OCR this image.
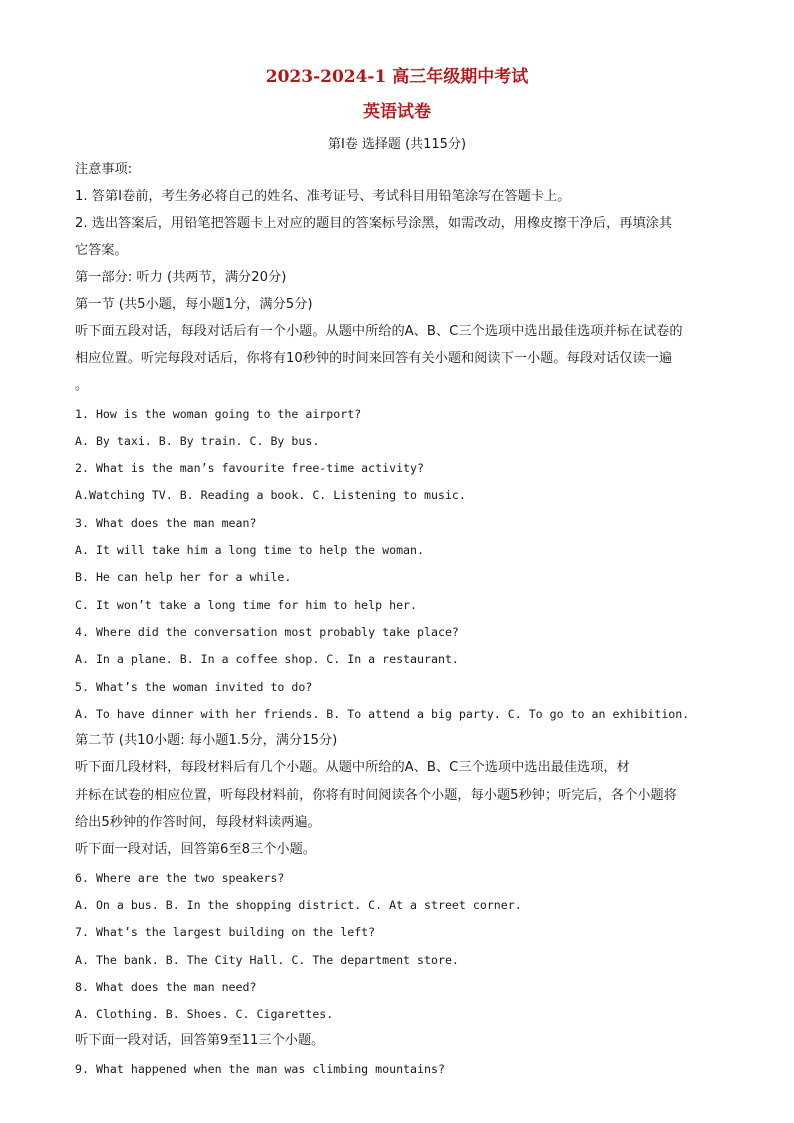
2023-2024-1 高三年级期中考试
英语试卷
第Ⅰ卷 选择题 (共115分)
注意事项:
1. 答第Ⅰ卷前，考生务必将自己的姓名、准考证号、考试科目用铅笔涂写在答题卡上。
2. 选出答案后，用铅笔把答题卡上对应的题目的答案标号涂黑，如需改动，用橡皮擦干净后，再填涂其
它答案。
第一部分: 听力 (共两节，满分20分)
第一节 (共5小题，每小题1分，满分5分)
听下面五段对话，每段对话后有一个小题。从题中所给的A、B、C三个选项中选出最佳选项并标在试卷的
相应位置。听完每段对话后，你将有10秒钟的时间来回答有关小题和阅读下一小题。每段对话仅读一遍
。
1. How is the woman going to the airport?
A. By taxi. B. By train. C. By bus.
2. What is the man’s favourite free-time activity?
A.Watching TV. B. Reading a book. C. Listening to music.
3. What does the man mean?
A. It will take him a long time to help the woman.
B. He can help her for a while.
C. It won’t take a long time for him to help her.
4. Where did the conversation most probably take place?
A. In a plane. B. In a coffee shop. C. In a restaurant.
5. What’s the woman invited to do?
A. To have dinner with her friends. B. To attend a big party. C. To go to an exhibition.
第二节 (共10小题: 每小题1.5分，满分15分)
听下面几段材料，每段材料后有几个小题。从题中所给的A、B、C三个选项中选出最佳选项，材
并标在试卷的相应位置，听每段材料前，你将有时间阅读各个小题，每小题5秒钟；听完后，各个小题将
给出5秒钟的作答时间，每段材料读两遍。
听下面一段对话，回答第6至8三个小题。
6. Where are the two speakers?
A. On a bus. B. In the shopping district. C. At a street corner.
7. What’s the largest building on the left?
A. The bank. B. The City Hall. C. The department store.
8. What does the man need?
A. Clothing. B. Shoes. C. Cigarettes.
听下面一段对话，回答第9至11三个小题。
9. What happened when the man was climbing mountains?
